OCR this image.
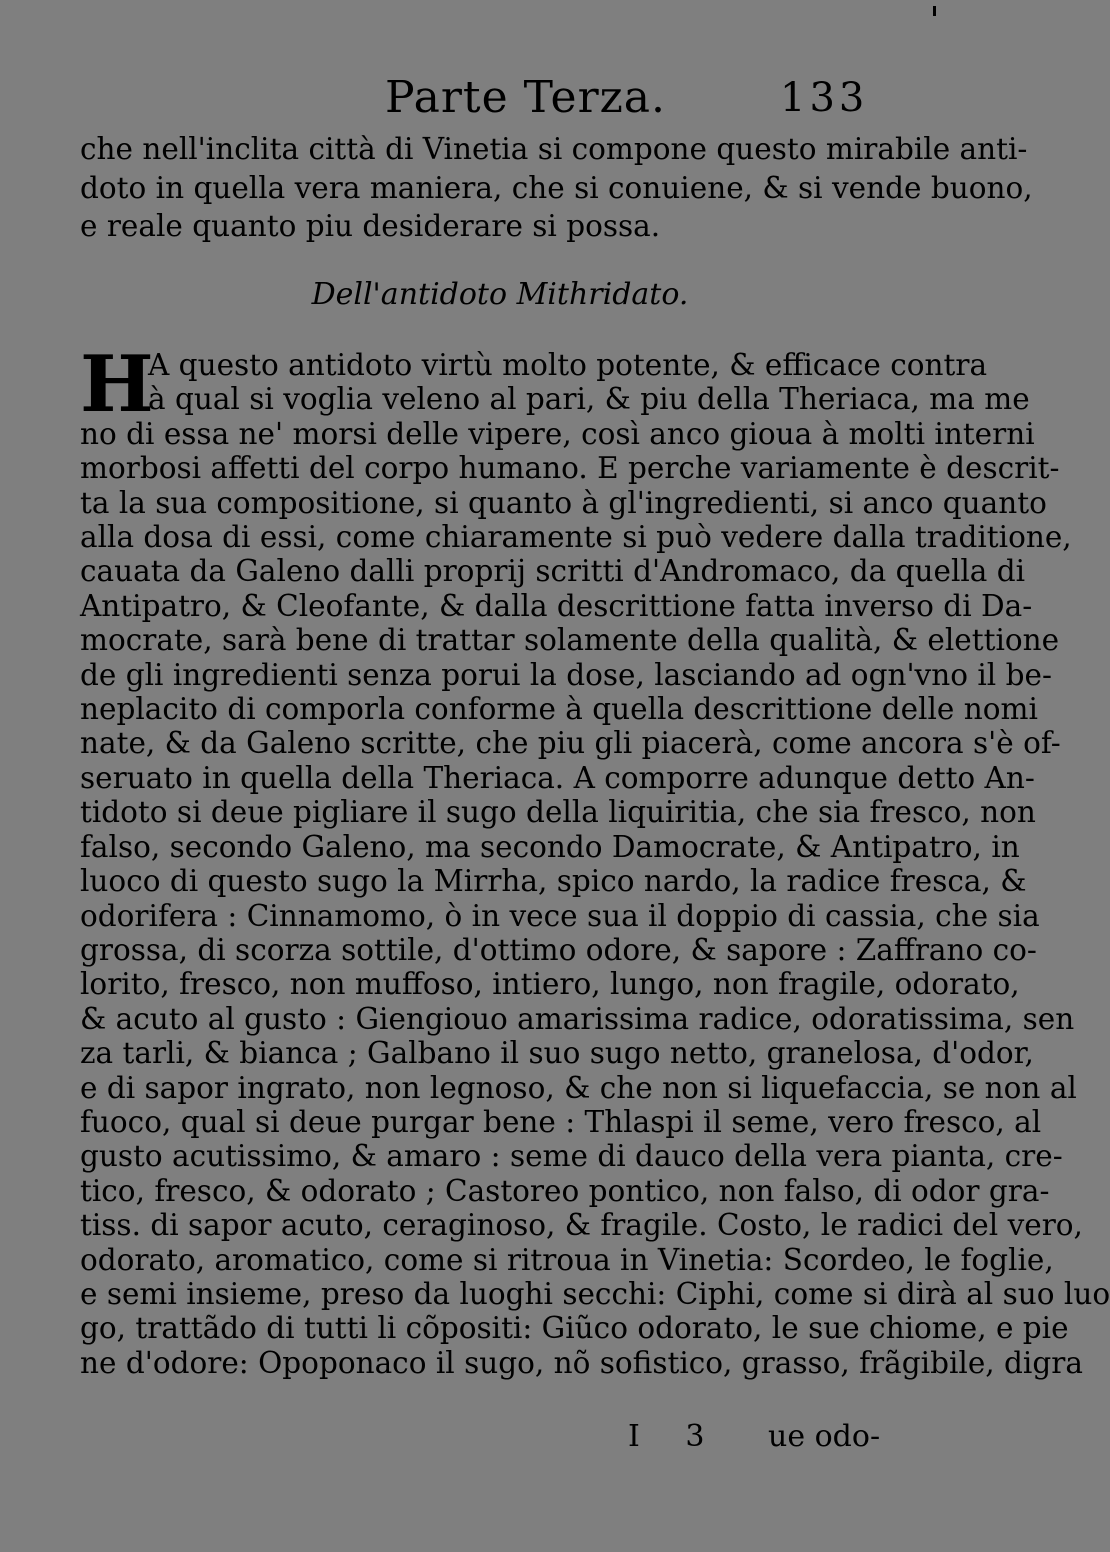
Parte Terza.	133
che nell'inclita città di Vinetia si compone questo mirabile anti-
doto in quella vera maniera, che si conuiene, & si vende buono,
e reale quanto piu desiderare si possa.
Dell'antidoto Mithridato.
H
A questo antidoto virtù molto potente, & efficace contra
à qual si voglia veleno al pari, & piu della Theriaca, ma me
no di essa ne' morsi delle vipere, così anco gioua à molti interni
morbosi affetti del corpo humano. E perche variamente è descrit-
ta la sua compositione, si quanto à gl'ingredienti, si anco quanto
alla dosa di essi, come chiaramente si può vedere dalla traditione,
cauata da Galeno dalli proprij scritti d'Andromaco, da quella di
Antipatro, & Cleofante, & dalla descrittione fatta inverso di Da-
mocrate, sarà bene di trattar solamente della qualità, & elettione
de gli ingredienti senza porui la dose, lasciando ad ogn'vno il be-
neplacito di comporla conforme à quella descrittione delle nomi
nate, & da Galeno scritte, che piu gli piacerà, come ancora s'è of-
seruato in quella della Theriaca. A comporre adunque detto An-
tidoto si deue pigliare il sugo della liquiritia, che sia fresco, non
falso, secondo Galeno, ma secondo Damocrate, & Antipatro, in
luoco di questo sugo la Mirrha, spico nardo, la radice fresca, &
odorifera : Cinnamomo, ò in vece sua il doppio di cassia, che sia
grossa, di scorza sottile, d'ottimo odore, & sapore : Zaffrano co-
lorito, fresco, non muffoso, intiero, lungo, non fragile, odorato,
& acuto al gusto : Giengiouo amarissima radice, odoratissima, sen
za tarli, & bianca ; Galbano il suo sugo netto, granelosa, d'odor,
e di sapor ingrato, non legnoso, & che non si liquefaccia, se non al
fuoco, qual si deue purgar bene : Thlaspi il seme, vero fresco, al
gusto acutissimo, & amaro : seme di dauco della vera pianta, cre-
tico, fresco, & odorato ; Castoreo pontico, non falso, di odor gra-
tiss. di sapor acuto, ceraginoso, & fragile. Costo, le radici del vero,
odorato, aromatico, come si ritroua in Vinetia: Scordeo, le foglie,
e semi insieme, preso da luoghi secchi: Ciphi, come si dirà al suo luo
go, trattãdo di tutti li cõpositi: Giũco odorato, le sue chiome, e pie
ne d'odore: Opoponaco il sugo, nõ sofistico, grasso, frãgibile, digra
I 3 ue odo-
